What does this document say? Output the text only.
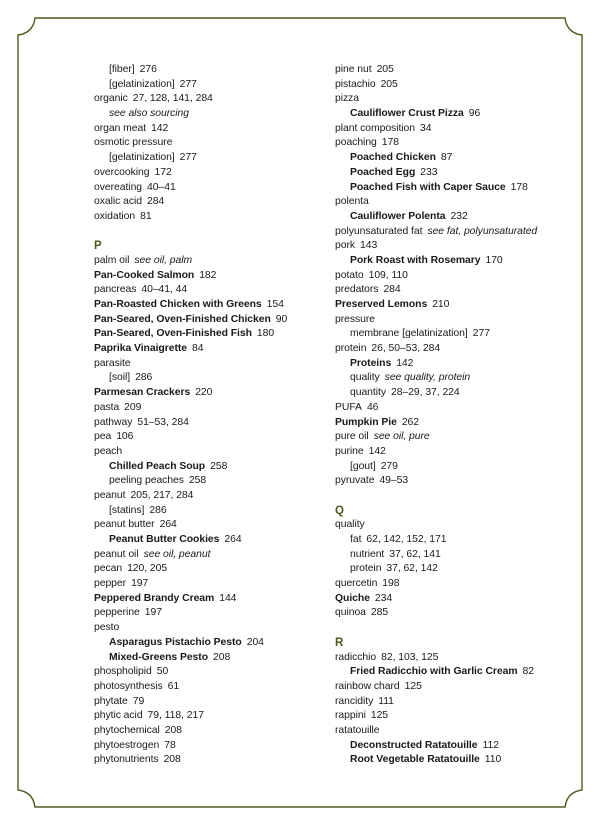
[fiber] 276
[gelatinization] 277
organic 27, 128, 141, 284
see also sourcing
organ meat 142
osmotic pressure
[gelatinization] 277
overcooking 172
overeating 40–41
oxalic acid 284
oxidation 81
P
palm oil see oil, palm
Pan-Cooked Salmon 182
pancreas 40–41, 44
Pan-Roasted Chicken with Greens 154
Pan-Seared, Oven-Finished Chicken 90
Pan-Seared, Oven-Finished Fish 180
Paprika Vinaigrette 84
parasite
[soil] 286
Parmesan Crackers 220
pasta 209
pathway 51–53, 284
pea 106
peach
Chilled Peach Soup 258
peeling peaches 258
peanut 205, 217, 284
[statins] 286
peanut butter 264
Peanut Butter Cookies 264
peanut oil see oil, peanut
pecan 120, 205
pepper 197
Peppered Brandy Cream 144
pepperine 197
pesto
Asparagus Pistachio Pesto 204
Mixed-Greens Pesto 208
phospholipid 50
photosynthesis 61
phytate 79
phytic acid 79, 118, 217
phytochemical 208
phytoestrogen 78
phytonutrients 208
pine nut 205
pistachio 205
pizza
Cauliflower Crust Pizza 96
plant composition 34
poaching 178
Poached Chicken 87
Poached Egg 233
Poached Fish with Caper Sauce 178
polenta
Cauliflower Polenta 232
polyunsaturated fat see fat, polyunsaturated
pork 143
Pork Roast with Rosemary 170
potato 109, 110
predators 284
Preserved Lemons 210
pressure
membrane [gelatinization] 277
protein 26, 50–53, 284
Proteins 142
quality see quality, protein
quantity 28–29, 37, 224
PUFA 46
Pumpkin Pie 262
pure oil see oil, pure
purine 142
[gout] 279
pyruvate 49–53
Q
quality
fat 62, 142, 152, 171
nutrient 37, 62, 141
protein 37, 62, 142
quercetin 198
Quiche 234
quinoa 285
R
radicchio 82, 103, 125
Fried Radicchio with Garlic Cream 82
rainbow chard 125
rancidity 111
rappini 125
ratatouille
Deconstructed Ratatouille 112
Root Vegetable Ratatouille 110
